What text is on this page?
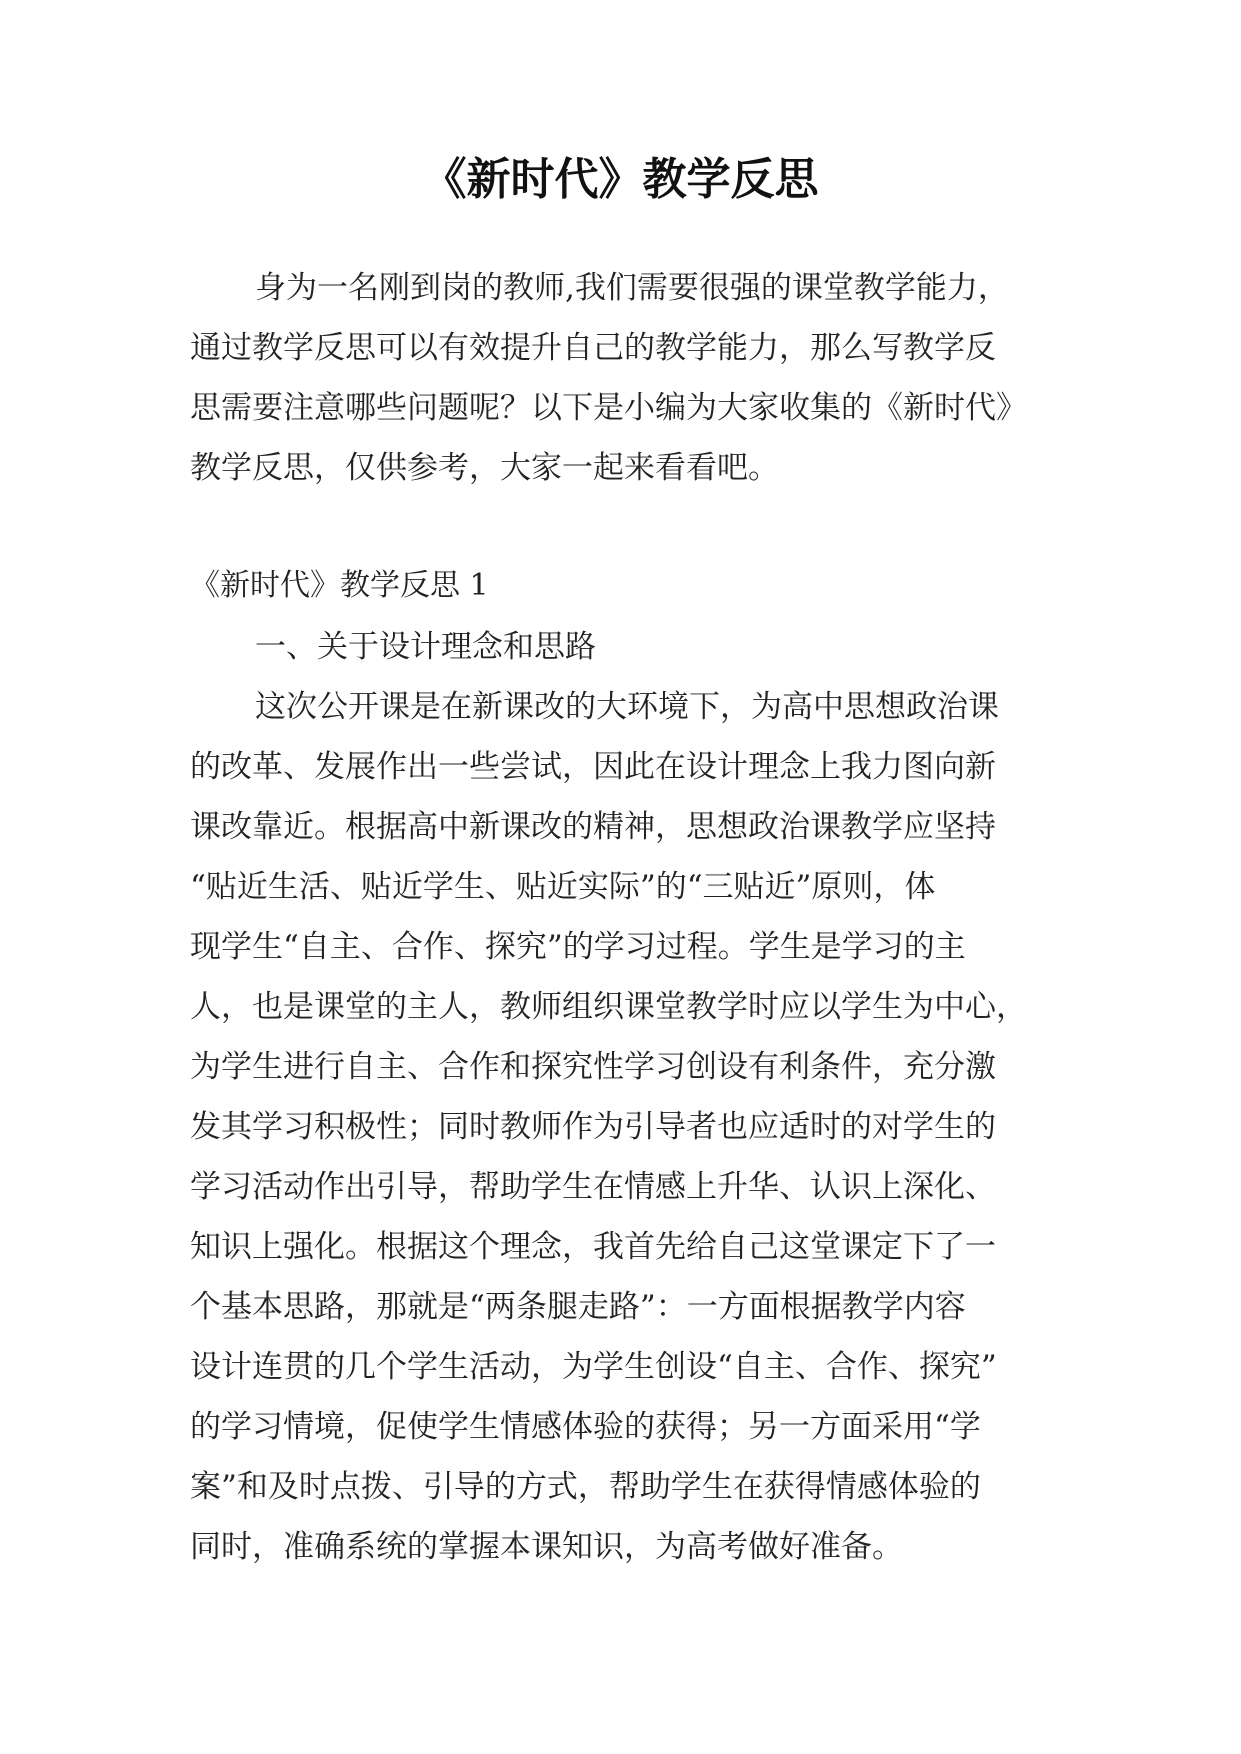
《新时代》教学反思
身为一名刚到岗的教师,我们需要很强的课堂教学能力，
通过教学反思可以有效提升自己的教学能力，那么写教学反
思需要注意哪些问题呢？以下是小编为大家收集的《新时代》
教学反思，仅供参考，大家一起来看看吧。
《新时代》教学反思 1
一、关于设计理念和思路
这次公开课是在新课改的大环境下，为高中思想政治课
的改革、发展作出一些尝试，因此在设计理念上我力图向新
课改靠近。根据高中新课改的精神，思想政治课教学应坚持
“贴近生活、贴近学生、贴近实际”的“三贴近”原则，体
现学生“自主、合作、探究”的学习过程。学生是学习的主
人，也是课堂的主人，教师组织课堂教学时应以学生为中心，
为学生进行自主、合作和探究性学习创设有利条件，充分激
发其学习积极性；同时教师作为引导者也应适时的对学生的
学习活动作出引导，帮助学生在情感上升华、认识上深化、
知识上强化。根据这个理念，我首先给自己这堂课定下了一
个基本思路，那就是“两条腿走路”：一方面根据教学内容
设计连贯的几个学生活动，为学生创设“自主、合作、探究”
的学习情境，促使学生情感体验的获得；另一方面采用“学
案”和及时点拨、引导的方式，帮助学生在获得情感体验的
同时，准确系统的掌握本课知识，为高考做好准备。
